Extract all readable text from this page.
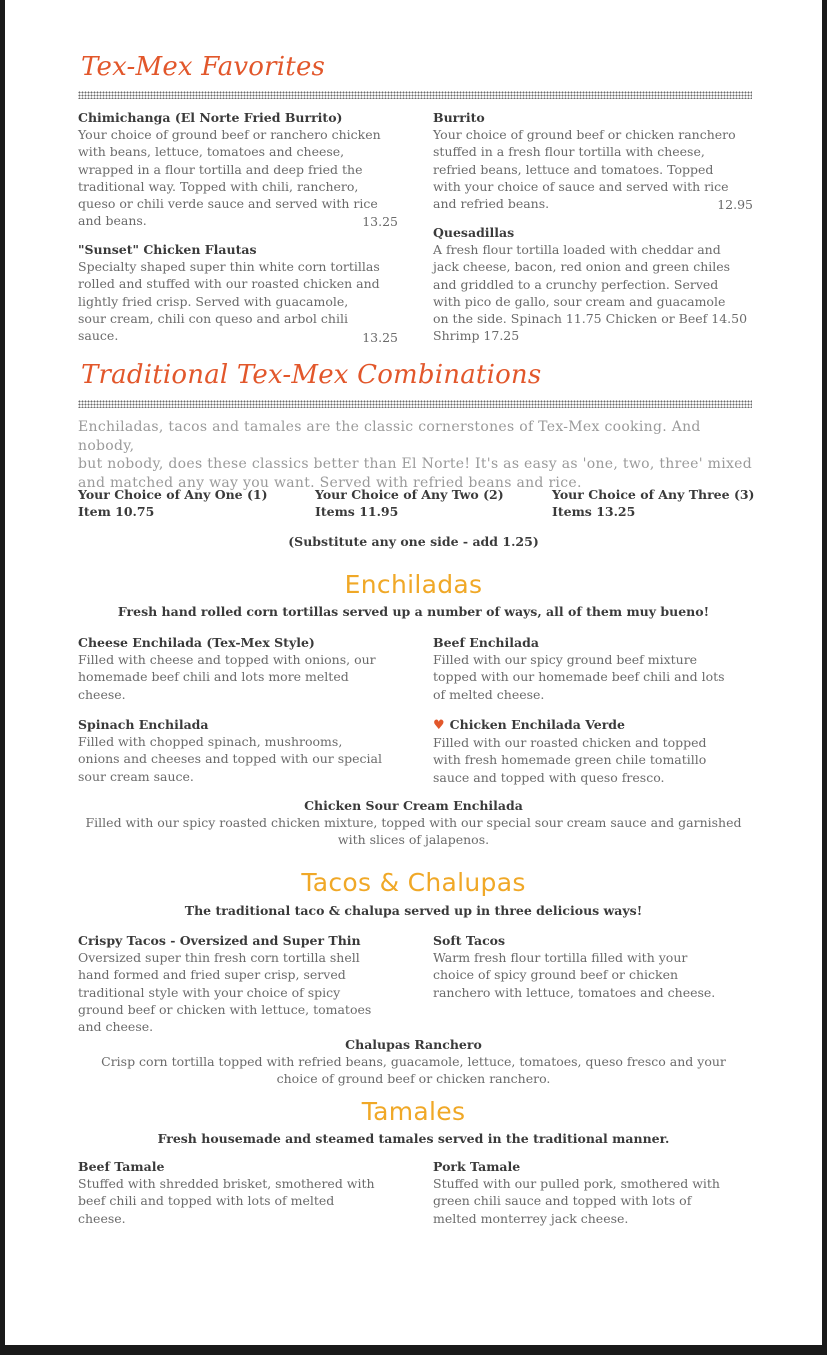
Tex-Mex Favorites
Chimichanga (El Norte Fried Burrito)
Your choice of ground beef or ranchero chicken
with beans, lettuce, tomatoes and cheese,
wrapped in a flour tortilla and deep fried the
traditional way. Topped with chili, ranchero,
queso or chili verde sauce and served with rice
and beans.	13.25
"Sunset" Chicken Flautas
Specialty shaped super thin white corn tortillas
rolled and stuffed with our roasted chicken and
lightly fried crisp. Served with guacamole,
sour cream, chili con queso and arbol chili
sauce.	13.25
Burrito
Your choice of ground beef or chicken ranchero
stuffed in a fresh flour tortilla with cheese,
refried beans, lettuce and tomatoes. Topped
with your choice of sauce and served with rice
and refried beans.	12.95
Quesadillas
A fresh flour tortilla loaded with cheddar and
jack cheese, bacon, red onion and green chiles
and griddled to a crunchy perfection. Served
with pico de gallo, sour cream and guacamole
on the side. Spinach 11.75 Chicken or Beef 14.50
Shrimp 17.25
Traditional Tex-Mex Combinations
Enchiladas, tacos and tamales are the classic cornerstones of Tex-Mex cooking. And nobody,
but nobody, does these classics better than El Norte! It's as easy as 'one, two, three' mixed
and matched any way you want. Served with refried beans and rice.
Your Choice of Any One (1)
Item 10.75
Your Choice of Any Two (2)
Items 11.95
Your Choice of Any Three (3)
Items 13.25
(Substitute any one side - add 1.25)
Enchiladas
Fresh hand rolled corn tortillas served up a number of ways, all of them muy bueno!
Cheese Enchilada (Tex-Mex Style)
Filled with cheese and topped with onions, our
homemade beef chili and lots more melted
cheese.
Beef Enchilada
Filled with our spicy ground beef mixture
topped with our homemade beef chili and lots
of melted cheese.
Spinach Enchilada
Filled with chopped spinach, mushrooms,
onions and cheeses and topped with our special
sour cream sauce.
♥ Chicken Enchilada Verde
Filled with our roasted chicken and topped
with fresh homemade green chile tomatillo
sauce and topped with queso fresco.
Chicken Sour Cream Enchilada
Filled with our spicy roasted chicken mixture, topped with our special sour cream sauce and garnished
with slices of jalapenos.
Tacos & Chalupas
The traditional taco & chalupa served up in three delicious ways!
Crispy Tacos - Oversized and Super Thin
Oversized super thin fresh corn tortilla shell
hand formed and fried super crisp, served
traditional style with your choice of spicy
ground beef or chicken with lettuce, tomatoes
and cheese.
Soft Tacos
Warm fresh flour tortilla filled with your
choice of spicy ground beef or chicken
ranchero with lettuce, tomatoes and cheese.
Chalupas Ranchero
Crisp corn tortilla topped with refried beans, guacamole, lettuce, tomatoes, queso fresco and your
choice of ground beef or chicken ranchero.
Tamales
Fresh housemade and steamed tamales served in the traditional manner.
Beef Tamale
Stuffed with shredded brisket, smothered with
beef chili and topped with lots of melted
cheese.
Pork Tamale
Stuffed with our pulled pork, smothered with
green chili sauce and topped with lots of
melted monterrey jack cheese.
